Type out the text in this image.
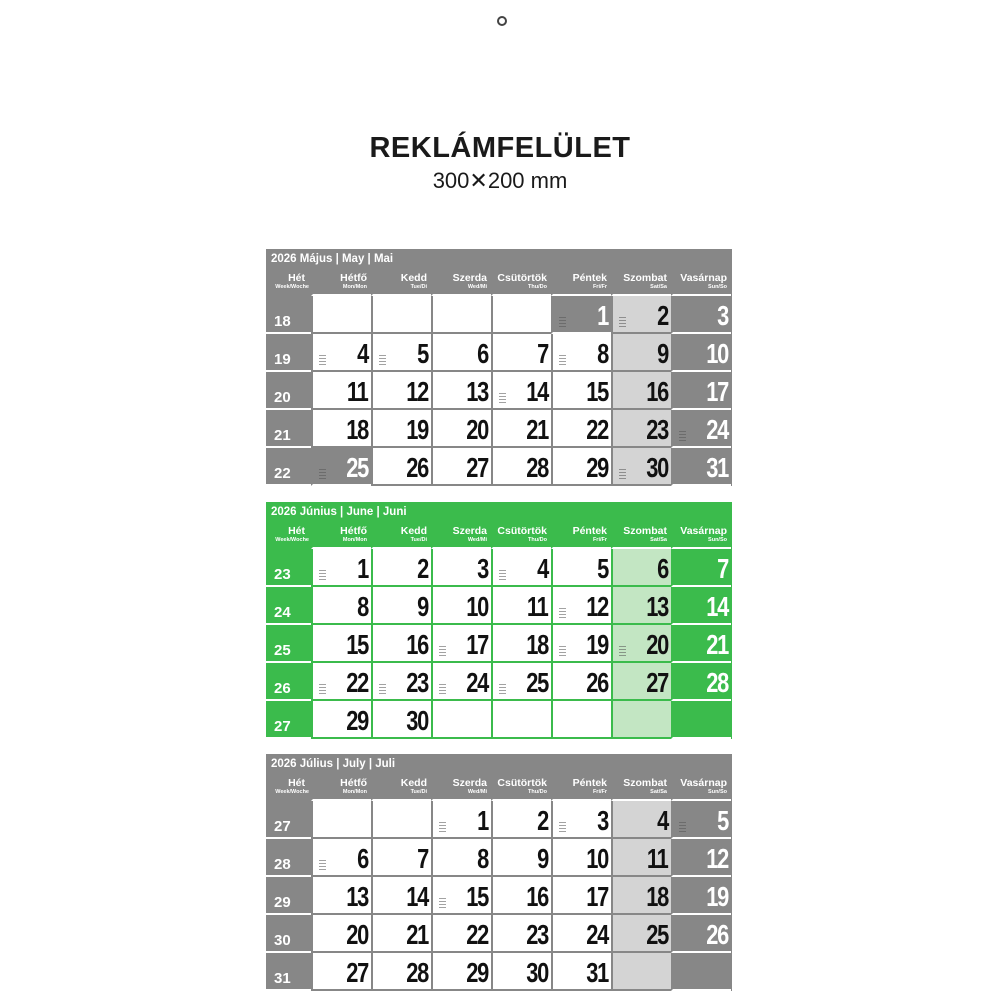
REKLÁMFELÜLET
300✕200 mm
2026 Május | May | Mai
Hét
Week/Woche
Hétfő
Mon/Mon
Kedd
Tue/Di
Szerda
Wed/Mi
Csütörtök
Thu/Do
Péntek
Fri/Fr
Szombat
Sat/Sa
Vasárnap
Sun/So
18	1 2 3
19 4 5 6 7 8 9 10
20 11 12 13 14 15 16 17
21 18 19 20 21 22 23 24
22 25 26 27 28 29 30 31
2026 Június | June | Juni
Hét
Week/Woche
Hétfő
Mon/Mon
Kedd
Tue/Di
Szerda
Wed/Mi
Csütörtök
Thu/Do
Péntek
Fri/Fr
Szombat
Sat/Sa
Vasárnap
Sun/So
23 1 2 3 4 5 6 7
24 8 9 10 11 12 13 14
25 15 16 17 18 19 20 21
26 22 23 24 25 26 27 28
27 29 30
2026 Július | July | Juli
Hét
Week/Woche
Hétfő
Mon/Mon
Kedd
Tue/Di
Szerda
Wed/Mi
Csütörtök
Thu/Do
Péntek
Fri/Fr
Szombat
Sat/Sa
Vasárnap
Sun/So
27	1 2 3 4 5
28 6 7 8 9 10 11 12
29 13 14 15 16 17 18 19
30 20 21 22 23 24 25 26
31 27 28 29 30 31
